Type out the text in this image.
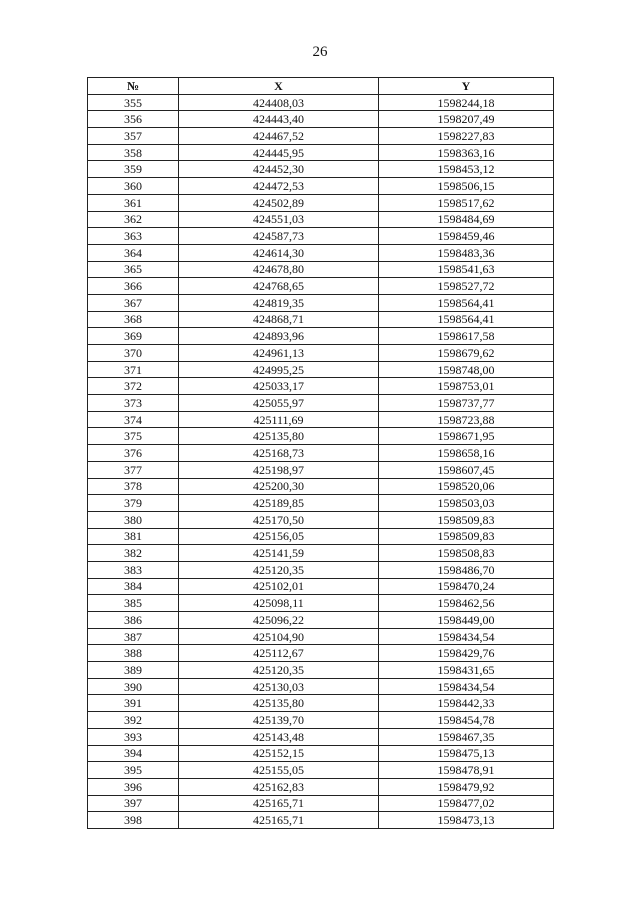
26
№	X	Y
355	424408,03	1598244,18
356	424443,40	1598207,49
357	424467,52	1598227,83
358	424445,95	1598363,16
359	424452,30	1598453,12
360	424472,53	1598506,15
361	424502,89	1598517,62
362	424551,03	1598484,69
363	424587,73	1598459,46
364	424614,30	1598483,36
365	424678,80	1598541,63
366	424768,65	1598527,72
367	424819,35	1598564,41
368	424868,71	1598564,41
369	424893,96	1598617,58
370	424961,13	1598679,62
371	424995,25	1598748,00
372	425033,17	1598753,01
373	425055,97	1598737,77
374	425111,69	1598723,88
375	425135,80	1598671,95
376	425168,73	1598658,16
377	425198,97	1598607,45
378	425200,30	1598520,06
379	425189,85	1598503,03
380	425170,50	1598509,83
381	425156,05	1598509,83
382	425141,59	1598508,83
383	425120,35	1598486,70
384	425102,01	1598470,24
385	425098,11	1598462,56
386	425096,22	1598449,00
387	425104,90	1598434,54
388	425112,67	1598429,76
389	425120,35	1598431,65
390	425130,03	1598434,54
391	425135,80	1598442,33
392	425139,70	1598454,78
393	425143,48	1598467,35
394	425152,15	1598475,13
395	425155,05	1598478,91
396	425162,83	1598479,92
397	425165,71	1598477,02
398	425165,71	1598473,13
